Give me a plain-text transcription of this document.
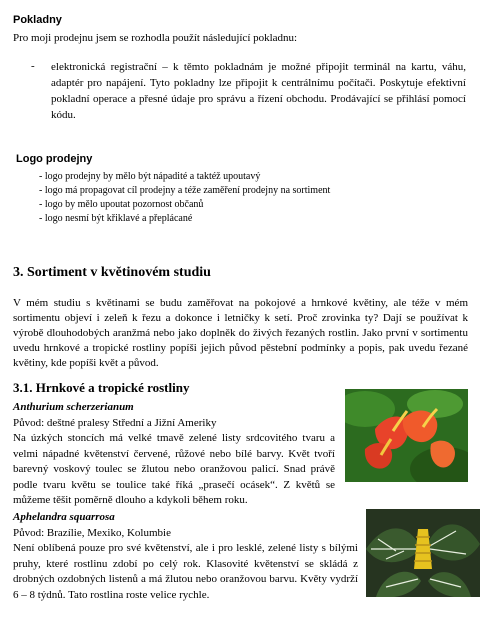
Pokladny
Pro moji prodejnu jsem se rozhodla použít následující pokladnu:
- elektronická registrační – k těmto pokladnám je možné připojit terminál na kartu, váhu, adaptér pro napájení. Tyto pokladny lze připojit k centrálnímu počítači. Poskytuje efektivní pokladní operace a přesné údaje pro správu a řízení obchodu. Prodávající se přihlásí pomocí kódu.
Logo prodejny
- logo prodejny by mělo být nápadité a taktéž upoutavý
- logo má propagovat cíl prodejny a téže zaměření prodejny na sortiment
- logo by mělo upoutat pozornost občanů
- logo nesmí být křiklavé a přeplácané
3. Sortiment v květinovém studiu
V mém studiu s květinami se budu zaměřovat na pokojové a hrnkové květiny, ale téže v mém sortimentu objeví i zeleň k řezu a dokonce i letničky k setí. Proč zrovinka ty? Dají se používat k výrobě dlouhodobých aranžmá nebo jako doplněk do živých řezaných rostlin. Jako první v sortimentu uvedu hrnkové a tropické rostliny popíši jejich původ pěstební podmínky a popis, pak uvedu řezané květiny, kde popíši květ a původ.
3.1. Hrnkové a tropické rostliny
Anthurium scherzerianum
Původ: deštné pralesy Střední a Jižní Ameriky
Na úzkých stoncích má velké tmavě zelené listy srdcovitého tvaru a velmi nápadné květenství červené, růžové nebo bílé barvy. Květ tvoří barevný voskový toulec se žlutou nebo oranžovou palicí. Snad právě podle tvaru květu se toulice také říká „prasečí ocásek“. Z květů se můžeme těšit poměrně dlouho a kdykoli během roku.
Aphelandra squarrosa
Původ: Brazílie, Mexiko, Kolumbie
Není oblíbená pouze pro své květenství, ale i pro lesklé, zelené listy s bílými pruhy, které rostlinu zdobí po celý rok. Klasovité květenství se skládá z drobných ozdobných listenů a má žlutou nebo oranžovou barvu. Květy vydrží 6 – 8 týdnů. Tato rostlina roste velice rychle.
